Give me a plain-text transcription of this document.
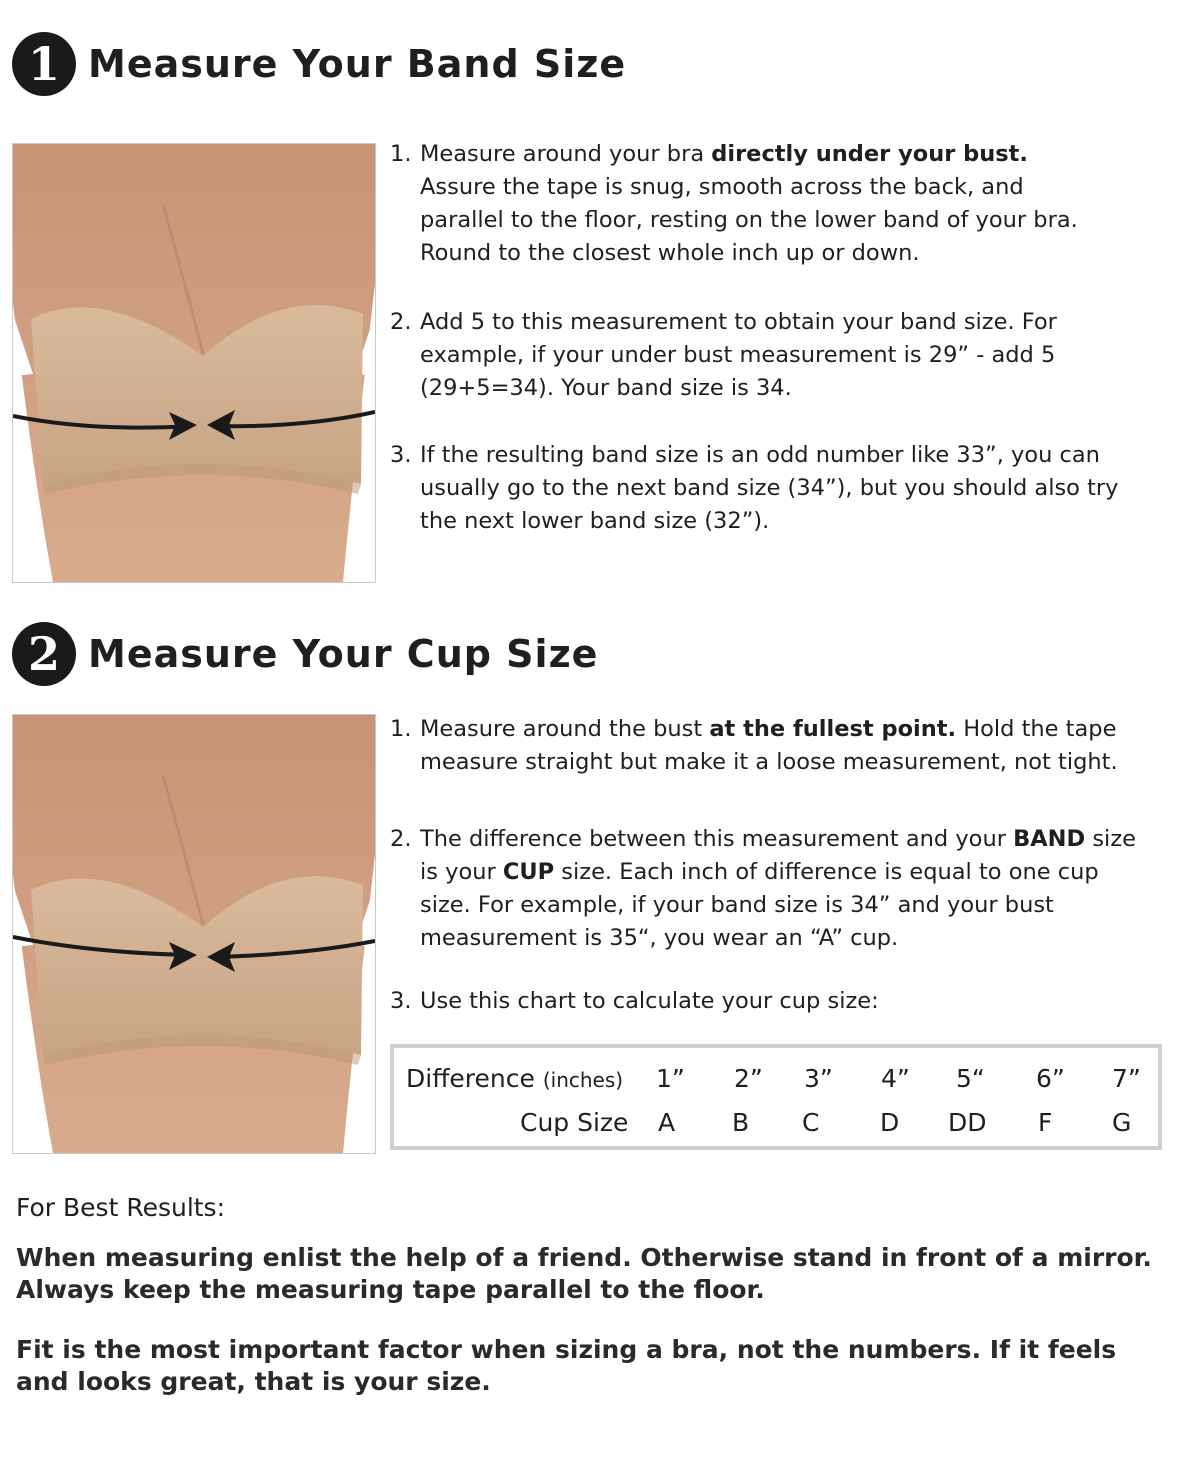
1 Measure Your Band Size
1. Measure around your bra directly under your bust. Assure the tape is snug, smooth across the back, and parallel to the floor, resting on the lower band of your bra. Round to the closest whole inch up or down.
2. Add 5 to this measurement to obtain your band size. For example, if your under bust measurement is 29” - add 5 (29+5=34). Your band size is 34.
3. If the resulting band size is an odd number like 33”, you can usually go to the next band size (34”), but you should also try the next lower band size (32”).
2 Measure Your Cup Size
1. Measure around the bust at the fullest point. Hold the tape measure straight but make it a loose measurement, not tight.
2. The difference between this measurement and your BAND size is your CUP size. Each inch of difference is equal to one cup size. For example, if your band size is 34” and your bust measurement is 35“, you wear an “A” cup.
3. Use this chart to calculate your cup size:
Difference (inches)
Cup Size
1” 2” 3” 4” 5“ 6” 7”
A B C D DD F G
For Best Results:
When measuring enlist the help of a friend. Otherwise stand in front of a mirror. Always keep the measuring tape parallel to the floor.
Fit is the most important factor when sizing a bra, not the numbers. If it feels and looks great, that is your size.
